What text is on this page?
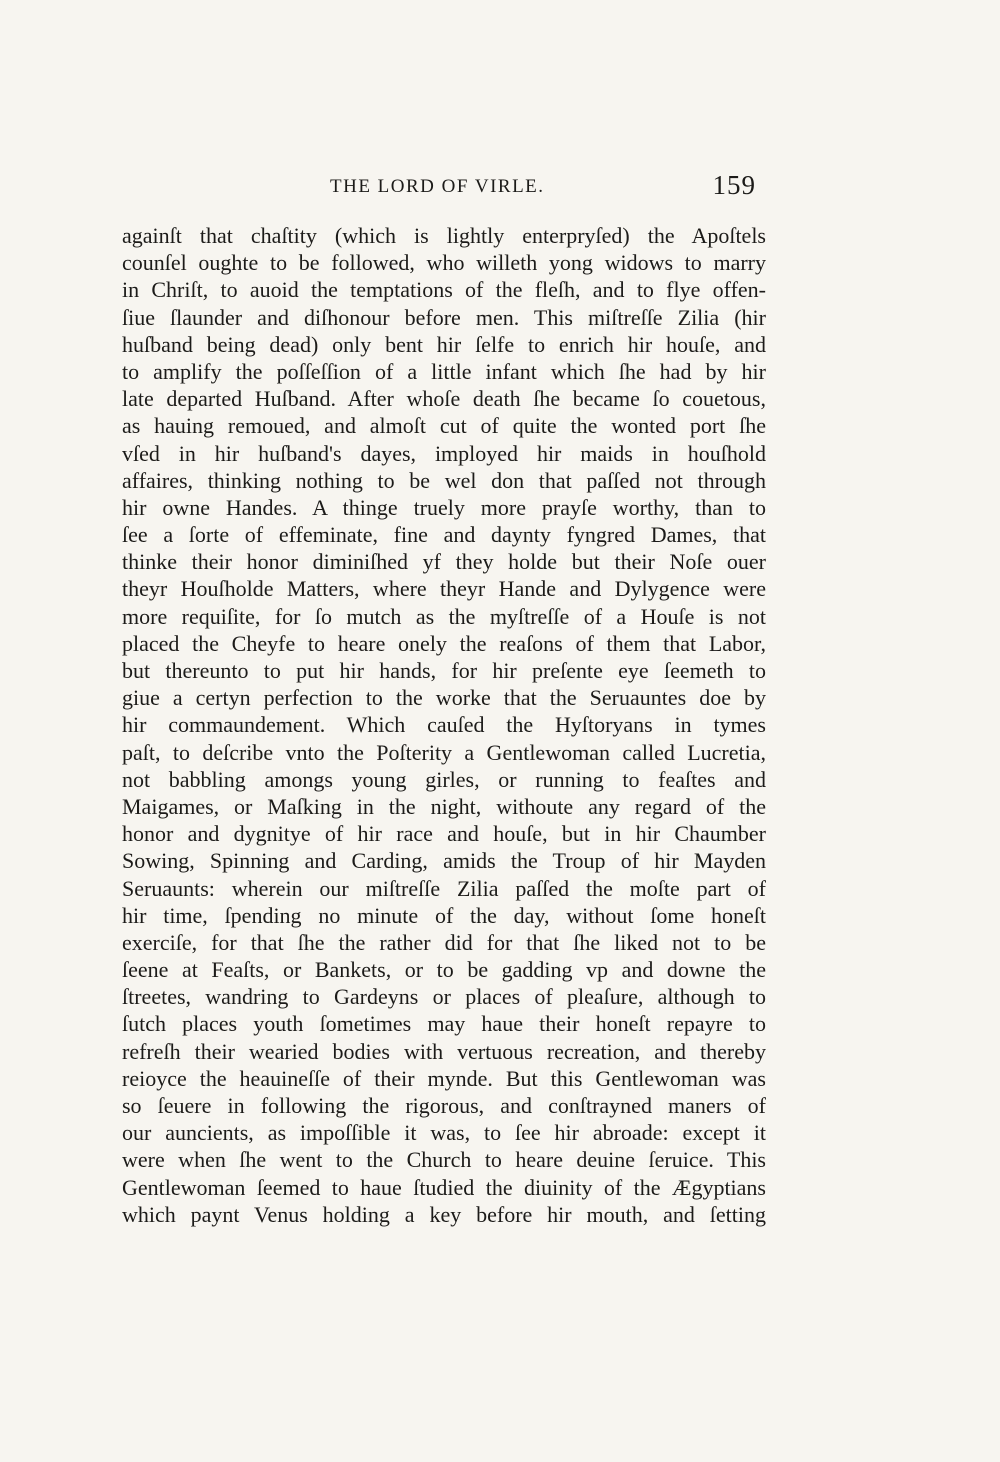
THE LORD OF VIRLE.	159
againſt that chaſtity (which is lightly enterpryſed) the Apoſtels
counſel oughte to be followed, who willeth yong widows to marry
in Chriſt, to auoid the temptations of the fleſh, and to flye offen-
ſiue ſlaunder and diſhonour before men. This miſtreſſe Zilia (hir
huſband being dead) only bent hir ſelfe to enrich hir houſe, and
to amplify the poſſeſſion of a little infant which ſhe had by hir
late departed Huſband. After whoſe death ſhe became ſo couetous,
as hauing remoued, and almoſt cut of quite the wonted port ſhe
vſed in hir huſband's dayes, imployed hir maids in houſhold
affaires, thinking nothing to be wel don that paſſed not through
hir owne Handes. A thinge truely more prayſe worthy, than to
ſee a ſorte of effeminate, fine and daynty fyngred Dames, that
thinke their honor diminiſhed yf they holde but their Noſe ouer
theyr Houſholde Matters, where theyr Hande and Dylygence were
more requiſite, for ſo mutch as the myſtreſſe of a Houſe is not
placed the Cheyfe to heare onely the reaſons of them that Labor,
but thereunto to put hir hands, for hir preſente eye ſeemeth to
giue a certyn perfection to the worke that the Seruauntes doe by
hir commaundement. Which cauſed the Hyſtoryans in tymes
paſt, to deſcribe vnto the Poſterity a Gentlewoman called Lucretia,
not babbling amongs young girles, or running to feaſtes and
Maigames, or Maſking in the night, withoute any regard of the
honor and dygnitye of hir race and houſe, but in hir Chaumber
Sowing, Spinning and Carding, amids the Troup of hir Mayden
Seruaunts: wherein our miſtreſſe Zilia paſſed the moſte part of
hir time, ſpending no minute of the day, without ſome honeſt
exerciſe, for that ſhe the rather did for that ſhe liked not to be
ſeene at Feaſts, or Bankets, or to be gadding vp and downe the
ſtreetes, wandring to Gardeyns or places of pleaſure, although to
ſutch places youth ſometimes may haue their honeſt repayre to
refreſh their wearied bodies with vertuous recreation, and thereby
reioyce the heauineſſe of their mynde. But this Gentlewoman was
so ſeuere in following the rigorous, and conſtrayned maners of
our auncients, as impoſſible it was, to ſee hir abroade: except it
were when ſhe went to the Church to heare deuine ſeruice. This
Gentlewoman ſeemed to haue ſtudied the diuinity of the Ægyptians
which paynt Venus holding a key before hir mouth, and ſetting
